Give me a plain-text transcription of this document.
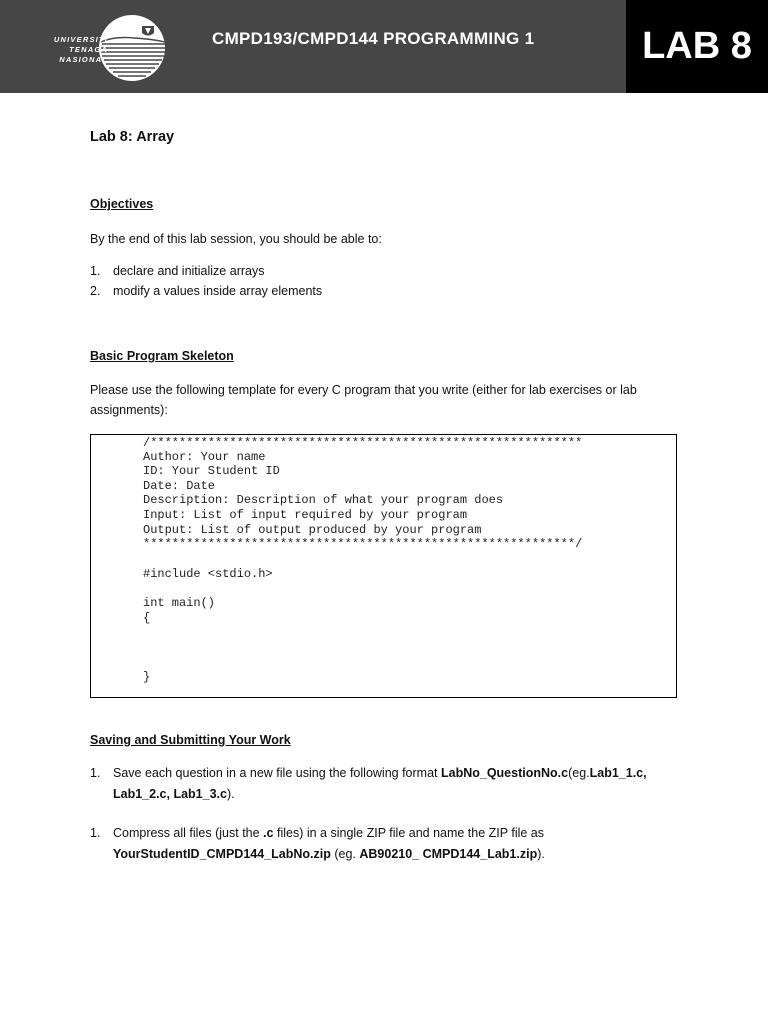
UNIVERSITI
TENAGA
NASIONAL
CMPD193/CMPD144 PROGRAMMING 1	LAB 8
Lab 8: Array
Objectives
By the end of this lab session, you should be able to:
1. declare and initialize arrays
2. modify a values inside array elements
Basic Program Skeleton
Please use the following template for every C program that you write (either for lab exercises or lab assignments):
Saving and Submitting Your Work
1. Save each question in a new file using the following format LabNo_QuestionNo.c(eg.Lab1_1.c,
Lab1_2.c, Lab1_3.c).
1. Compress all files (just the .c files) in a single ZIP file and name the ZIP file as
YourStudentID_CMPD144_LabNo.zip (eg. AB90210_ CMPD144_Lab1.zip).
/************************************************************
Author: Your name
ID: Your Student ID
Date: Date
Description: Description of what your program does
Input: List of input required by your program
Output: List of output produced by your program
************************************************************/
#include <stdio.h>
int main()
{
}
